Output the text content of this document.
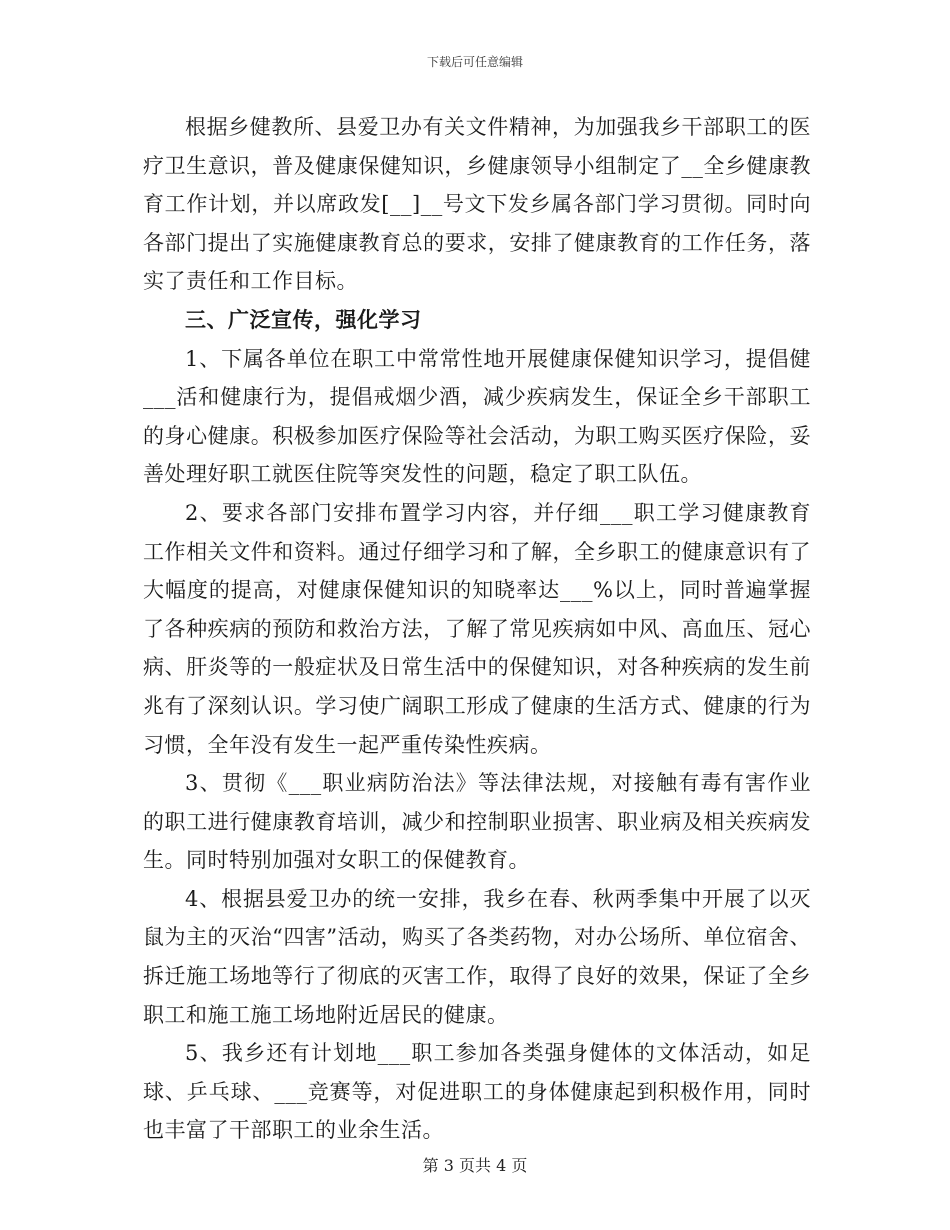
下载后可任意编辑

根据乡健教所、县爱卫办有关文件精神，为加强我乡干部职工的医疗卫生意识，普及健康保健知识，乡健康领导小组制定了__全乡健康教育工作计划，并以席政发[__]__号文下发乡属各部门学习贯彻。同时向各部门提出了实施健康教育总的要求，安排了健康教育的工作任务，落实了责任和工作目标。

三、广泛宣传，强化学习

1、下属各单位在职工中常常性地开展健康保健知识学习，提倡健___活和健康行为，提倡戒烟少酒，减少疾病发生，保证全乡干部职工的身心健康。积极参加医疗保险等社会活动，为职工购买医疗保险，妥善处理好职工就医住院等突发性的问题，稳定了职工队伍。

2、要求各部门安排布置学习内容，并仔细___职工学习健康教育工作相关文件和资料。通过仔细学习和了解，全乡职工的健康意识有了大幅度的提高，对健康保健知识的知晓率达___%以上，同时普遍掌握了各种疾病的预防和救治方法，了解了常见疾病如中风、高血压、冠心病、肝炎等的一般症状及日常生活中的保健知识，对各种疾病的发生前兆有了深刻认识。学习使广阔职工形成了健康的生活方式、健康的行为习惯，全年没有发生一起严重传染性疾病。

3、贯彻《___职业病防治法》等法律法规，对接触有毒有害作业的职工进行健康教育培训，减少和控制职业损害、职业病及相关疾病发生。同时特别加强对女职工的保健教育。

4、根据县爱卫办的统一安排，我乡在春、秋两季集中开展了以灭鼠为主的灭治“四害”活动，购买了各类药物，对办公场所、单位宿舍、拆迁施工场地等行了彻底的灭害工作，取得了良好的效果，保证了全乡职工和施工施工场地附近居民的健康。

5、我乡还有计划地___职工参加各类强身健体的文体活动，如足球、乒乓球、___竞赛等，对促进职工的身体健康起到积极作用，同时也丰富了干部职工的业余生活。

第 3 页共 4 页
